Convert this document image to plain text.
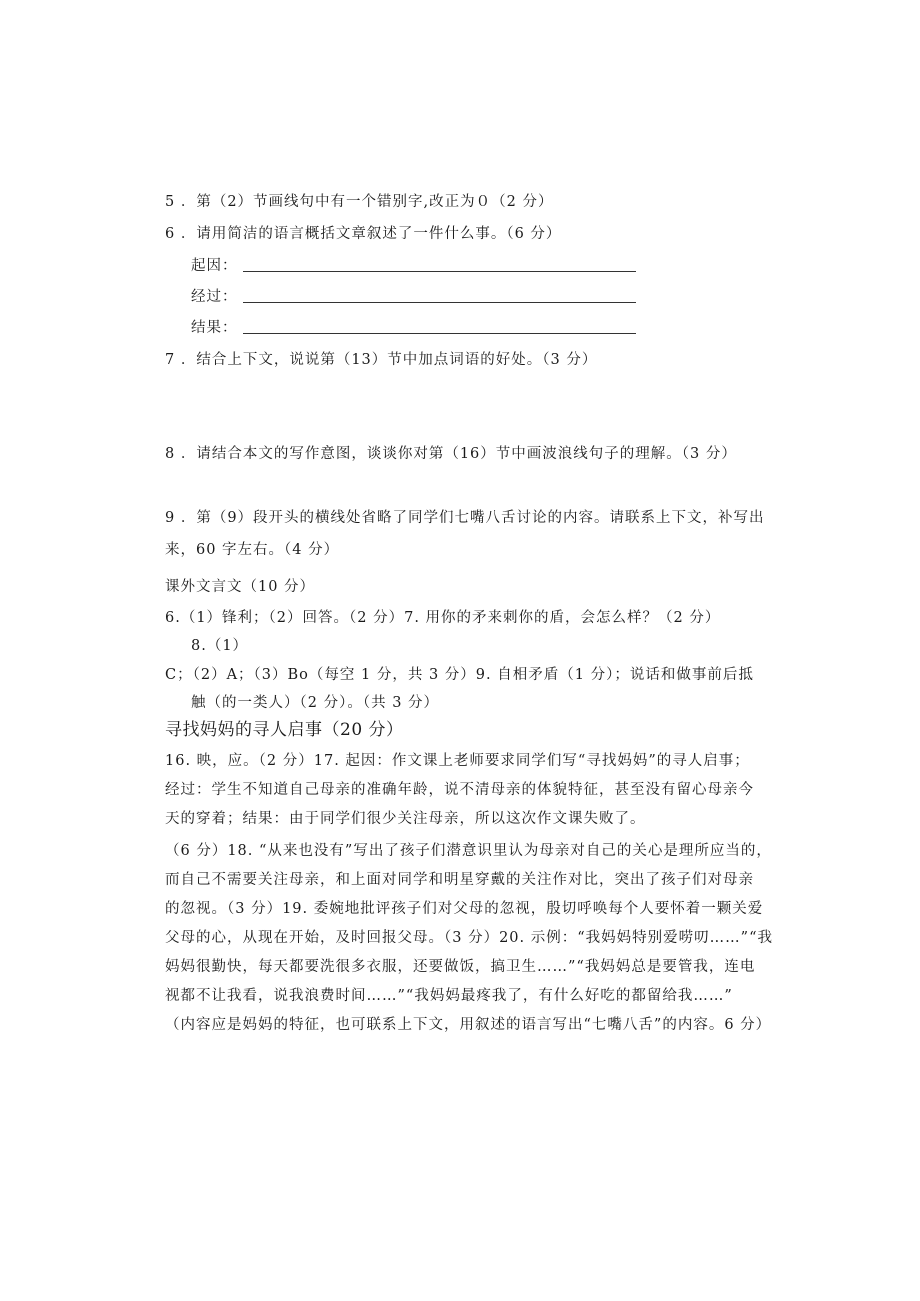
5 ．第（2）节画线句中有一个错别字,改正为０（2 分）
6 ．请用简洁的语言概括文章叙述了一件什么事。（6 分）
起因：
经过：
结果：
7 ．结合上下文，说说第（13）节中加点词语的好处。（3 分）
8 ．请结合本文的写作意图，谈谈你对第（16）节中画波浪线句子的理解。（3 分）
9 ．第（9）段开头的横线处省略了同学们七嘴八舌讨论的内容。请联系上下文，补写出
来，60 字左右。（4 分）
课外文言文（10 分）
6.（1）锋利；（2）回答。（2 分）7. 用你的矛来刺你的盾，会怎么样？（2 分）
8.（1）
C；（2）A；（3）Bo（每空 1 分，共 3 分）9. 自相矛盾（1 分）；说话和做事前后抵
触（的一类人）（2 分）。（共 3 分）
寻找妈妈的寻人启事（20 分）
16. 映，应。（2 分）17. 起因：作文课上老师要求同学们写“寻找妈妈”的寻人启事；
经过：学生不知道自己母亲的准确年龄，说不清母亲的体貌特征，甚至没有留心母亲今
天的穿着；结果：由于同学们很少关注母亲，所以这次作文课失败了。
（6 分）18. “从来也没有”写出了孩子们潜意识里认为母亲对自己的关心是理所应当的，
而自己不需要关注母亲，和上面对同学和明星穿戴的关注作对比，突出了孩子们对母亲
的忽视。（3 分）19. 委婉地批评孩子们对父母的忽视，殷切呼唤每个人要怀着一颗关爱
父母的心，从现在开始，及时回报父母。（3 分）20. 示例：“我妈妈特别爱唠叨……”“我
妈妈很勤快，每天都要洗很多衣服，还要做饭，搞卫生……”“我妈妈总是要管我，连电
视都不让我看，说我浪费时间……”“我妈妈最疼我了，有什么好吃的都留给我……”
（内容应是妈妈的特征，也可联系上下文，用叙述的语言写出“七嘴八舌”的内容。6 分）
